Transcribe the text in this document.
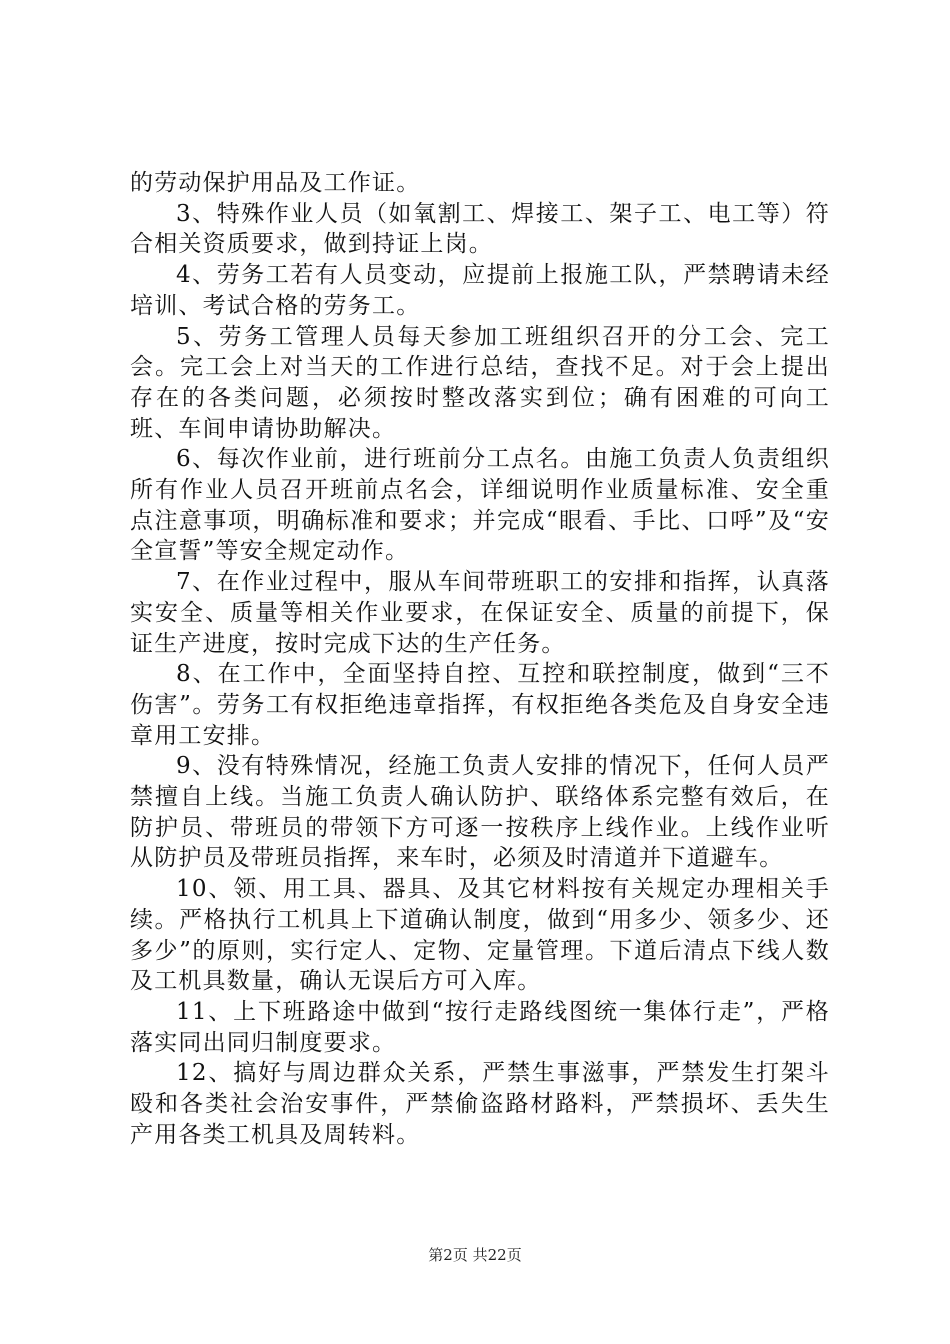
的劳动保护用品及工作证。

3、特殊作业人员（如氧割工、焊接工、架子工、电工等）符合相关资质要求，做到持证上岗。

4、劳务工若有人员变动，应提前上报施工队，严禁聘请未经培训、考试合格的劳务工。

5、劳务工管理人员每天参加工班组织召开的分工会、完工会。完工会上对当天的工作进行总结，查找不足。对于会上提出存在的各类问题，必须按时整改落实到位；确有困难的可向工班、车间申请协助解决。

6、每次作业前，进行班前分工点名。由施工负责人负责组织所有作业人员召开班前点名会，详细说明作业质量标准、安全重点注意事项，明确标准和要求；并完成“眼看、手比、口呼”及“安全宣誓”等安全规定动作。

7、在作业过程中，服从车间带班职工的安排和指挥，认真落实安全、质量等相关作业要求，在保证安全、质量的前提下，保证生产进度，按时完成下达的生产任务。

8、在工作中，全面坚持自控、互控和联控制度，做到“三不伤害”。劳务工有权拒绝违章指挥，有权拒绝各类危及自身安全违章用工安排。

9、没有特殊情况，经施工负责人安排的情况下，任何人员严禁擅自上线。当施工负责人确认防护、联络体系完整有效后，在防护员、带班员的带领下方可逐一按秩序上线作业。上线作业听从防护员及带班员指挥，来车时，必须及时清道并下道避车。

10、领、用工具、器具、及其它材料按有关规定办理相关手续。严格执行工机具上下道确认制度，做到“用多少、领多少、还多少”的原则，实行定人、定物、定量管理。下道后清点下线人数及工机具数量，确认无误后方可入库。

11、上下班路途中做到“按行走路线图统一集体行走”，严格落实同出同归制度要求。

12、搞好与周边群众关系，严禁生事滋事，严禁发生打架斗殴和各类社会治安事件，严禁偷盗路材路料，严禁损坏、丢失生产用各类工机具及周转料。

第2页 共22页
